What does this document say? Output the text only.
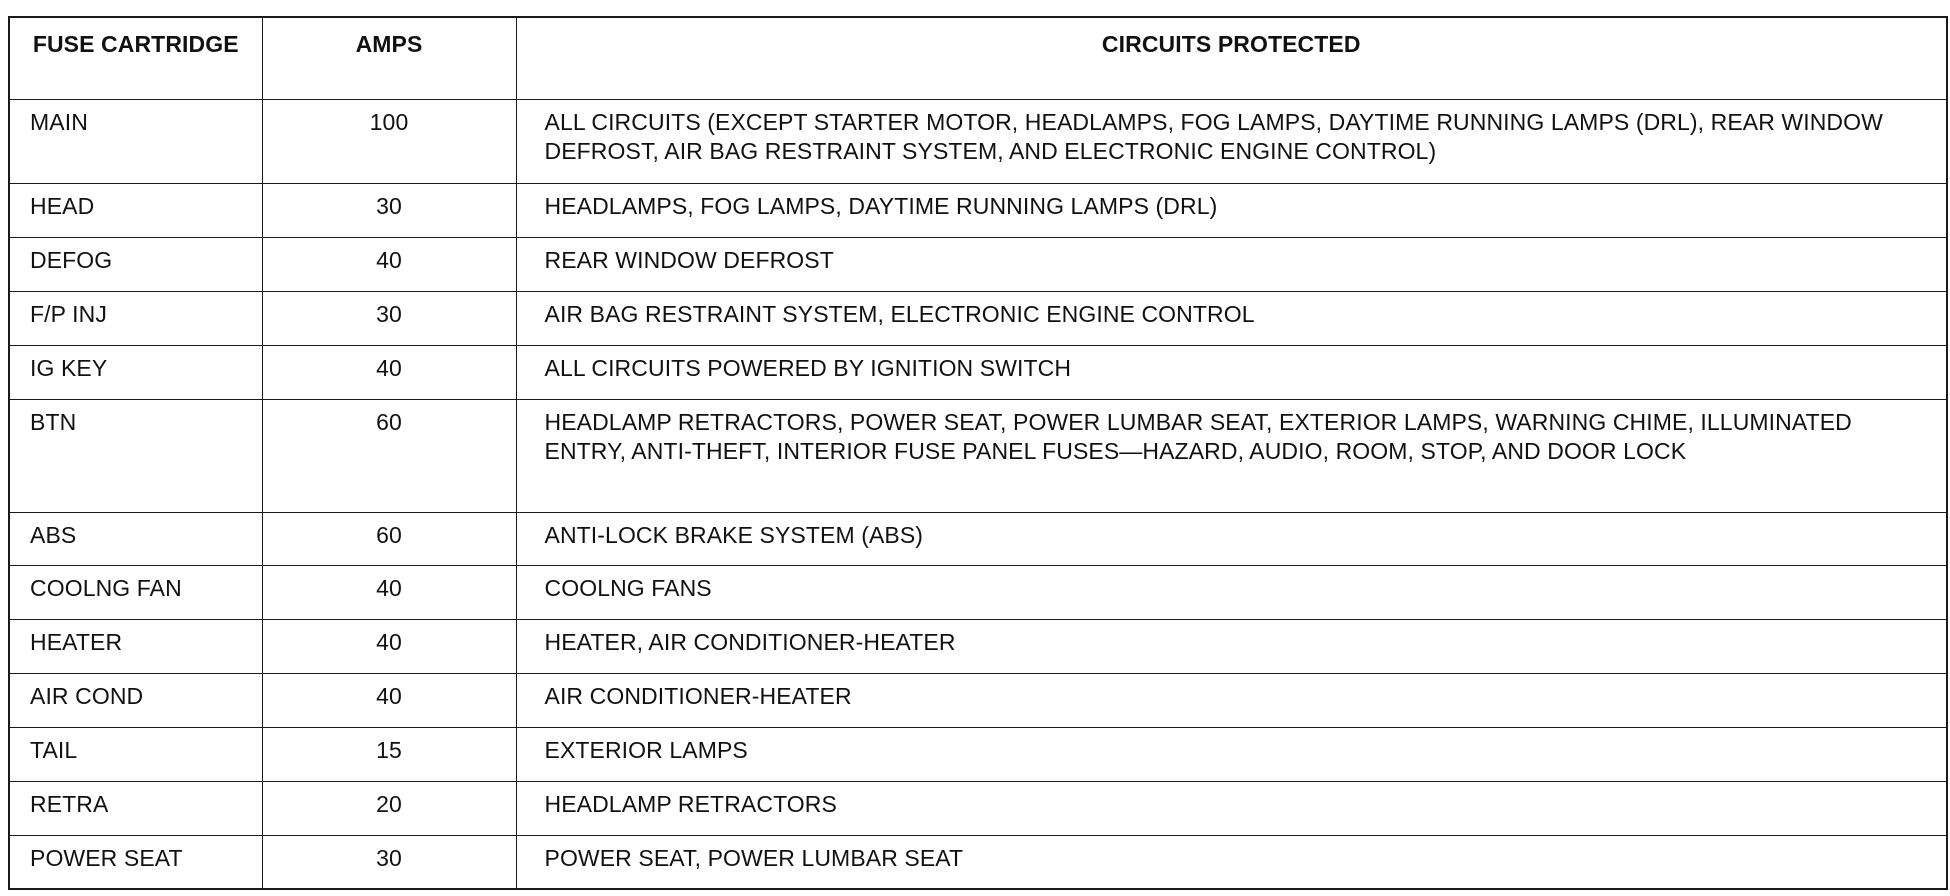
FUSE CARTRIDGE	AMPS	CIRCUITS PROTECTED
MAIN	100	ALL CIRCUITS (EXCEPT STARTER MOTOR, HEADLAMPS, FOG LAMPS, DAYTIME RUNNING LAMPS (DRL), REAR WINDOW DEFROST, AIR BAG RESTRAINT SYSTEM, AND ELECTRONIC ENGINE CONTROL)
HEAD	30	HEADLAMPS, FOG LAMPS, DAYTIME RUNNING LAMPS (DRL)
DEFOG	40	REAR WINDOW DEFROST
F/P INJ	30	AIR BAG RESTRAINT SYSTEM, ELECTRONIC ENGINE CONTROL
IG KEY	40	ALL CIRCUITS POWERED BY IGNITION SWITCH
BTN	60	HEADLAMP RETRACTORS, POWER SEAT, POWER LUMBAR SEAT, EXTERIOR LAMPS, WARNING CHIME, ILLUMINATED ENTRY, ANTI-THEFT, INTERIOR FUSE PANEL FUSES—HAZARD, AUDIO, ROOM, STOP, AND DOOR LOCK
ABS	60	ANTI-LOCK BRAKE SYSTEM (ABS)
COOLNG FAN	40	COOLNG FANS
HEATER	40	HEATER, AIR CONDITIONER-HEATER
AIR COND	40	AIR CONDITIONER-HEATER
TAIL	15	EXTERIOR LAMPS
RETRA	20	HEADLAMP RETRACTORS
POWER SEAT	30	POWER SEAT, POWER LUMBAR SEAT
